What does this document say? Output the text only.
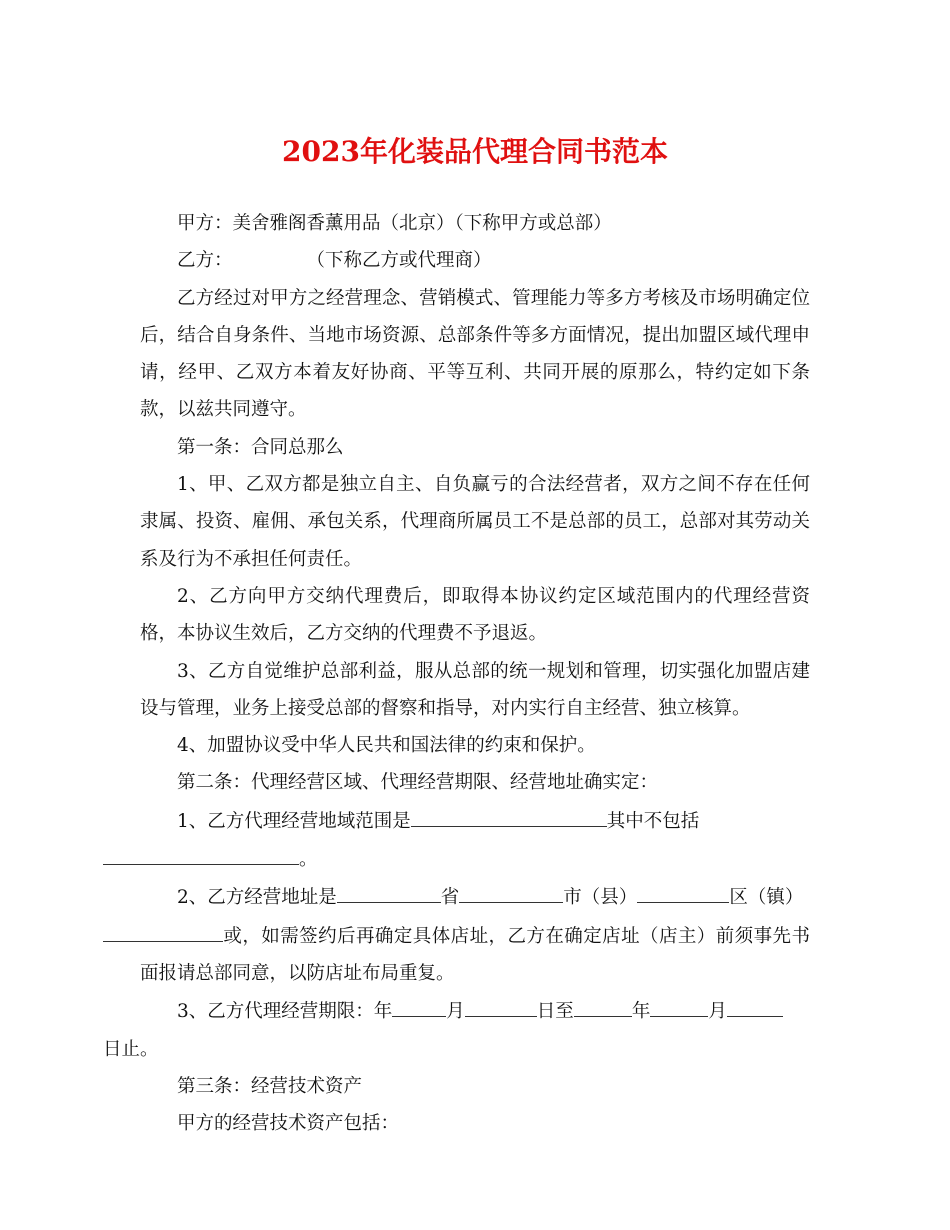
2023年化装品代理合同书范本

甲方：美舍雅阁香薰用品（北京）（下称甲方或总部）

乙方：	（下称乙方或代理商）

乙方经过对甲方之经营理念、营销模式、管理能力等多方考核及市场明确定位后，结合自身条件、当地市场资源、总部条件等多方面情况，提出加盟区域代理申请，经甲、乙双方本着友好协商、平等互利、共同开展的原那么，特约定如下条款，以兹共同遵守。

第一条：合同总那么

1、甲、乙双方都是独立自主、自负赢亏的合法经营者，双方之间不存在任何隶属、投资、雇佣、承包关系，代理商所属员工不是总部的员工，总部对其劳动关系及行为不承担任何责任。

2、乙方向甲方交纳代理费后，即取得本协议约定区域范围内的代理经营资格，本协议生效后，乙方交纳的代理费不予退返。

3、乙方自觉维护总部利益，服从总部的统一规划和管理，切实强化加盟店建设与管理，业务上接受总部的督察和指导，对内实行自主经营、独立核算。

4、加盟协议受中华人民共和国法律的约束和保护。

第二条：代理经营区域、代理经营期限、经营地址确实定：

1、乙方代理经营地域范围是	其中不包括
。

2、乙方经营地址是	省	市（县）	区（镇）
或，如需签约后再确定具体店址，乙方在确定店址（店主）前须事先书面报请总部同意，以防店址布局重复。

3、乙方代理经营期限：年	月	日至	年	月
日止。

第三条：经营技术资产

甲方的经营技术资产包括：
